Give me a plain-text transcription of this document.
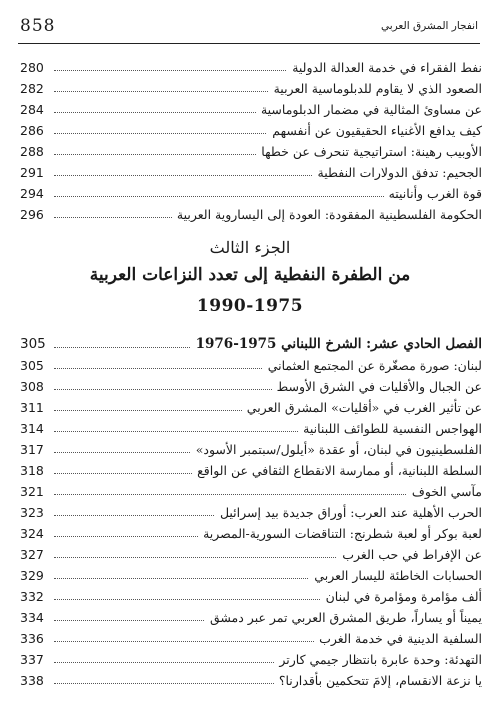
858	انفجار المشرق العربي
280	نفط الفقراء في خدمة العدالة الدولية
282	الصعود الذي لا يقاوم للدبلوماسية العربية
284	عن مساوئ المثالية في مضمار الدبلوماسية
286	كيف يدافع الأغنياء الحقيقيون عن أنفسهم
288	الأوبيب رهينة: استراتيجية تنحرف عن خطها
291	الجحيم: تدفق الدولارات النفطية
294	قوة الغرب وأنانيته
296	الحكومة الفلسطينية المفقودة: العودة إلى اليساروية العربية
الجزء الثالث
من الطفرة النفطية إلى تعدد النزاعات العربية
1990-1975
305	الفصل الحادي عشر: الشرخ اللبناني 1975-1976
305	لبنان: صورة مصغّرة عن المجتمع العثماني
308	عن الجبال والأقليات في الشرق الأوسط
311	عن تأثير الغرب في «أقليات» المشرق العربي
314	الهواجس النفسية للطوائف اللبنانية
317	الفلسطينيون في لبنان، أو عقدة «أيلول/سبتمبر الأسود»
318	السلطة اللبنانية، أو ممارسة الانقطاع الثقافي عن الواقع
321	مآسي الخوف
323	الحرب الأهلية عند العرب: أوراق جديدة بيد إسرائيل
324	لعبة بوكر أو لعبة شطرنج: التناقضات السورية-المصرية
327	عن الإفراط في حب الغرب
329	الحسابات الخاطئة لليسار العربي
332	ألف مؤامرة ومؤامرة في لبنان
334	يميناً أو يساراً، طريق المشرق العربي تمر عبر دمشق
336	السلفية الدينية في خدمة الغرب
337	التهدئة: وحدة عابرة بانتظار جيمي كارتر
338	يا نزعة الانقسام، إلامَ تتحكمين بأقدارنا؟
